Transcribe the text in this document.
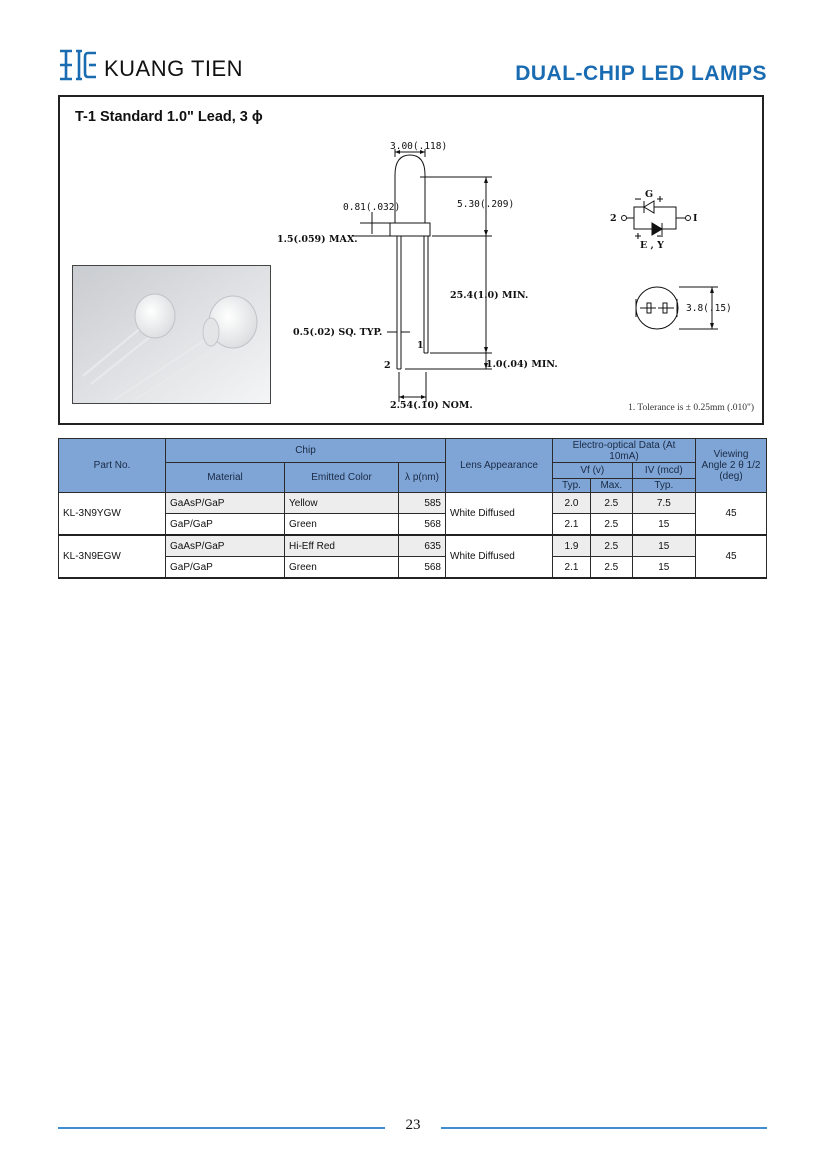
KUANG TIEN	DUAL-CHIP LED LAMPS
T-1 Standard 1.0" Lead, 3 ϕ
3.00(.118)
5.30(.209)
0.81(.032)
1.5(.059) MAX.
25.4(1.0) MIN.
0.5(.02) SQ. TYP.
1
2	1.0(.04) MIN.
2.54(.10) NOM.
3.8(.15)
G
E , Y
2	I
− +
+ −
1. Tolerance is ± 0.25mm (.010")
Part No.	Chip			Lens Appearance	Electro-optical Data (At 10mA)			Viewing Angle 2 θ 1/2 (deg)
	Material	Emitted Color	λ p(nm)		Vf (v)		IV (mcd)	
					Typ.	Max.	Typ.	
KL-3N9YGW	GaAsP/GaP	Yellow	585	White Diffused	2.0	2.5	7.5	45
	GaP/GaP	Green	568		2.1	2.5	15	
KL-3N9EGW	GaAsP/GaP	Hi-Eff Red	635	White Diffused	1.9	2.5	15	45
	GaP/GaP	Green	568		2.1	2.5	15	
23
